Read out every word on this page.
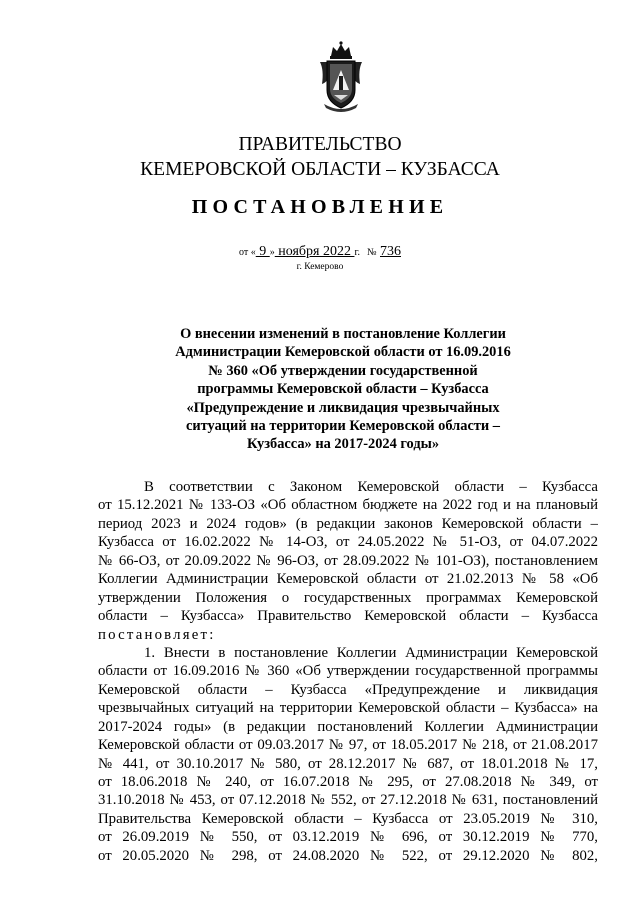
ПРАВИТЕЛЬСТВО
КЕМЕРОВСКОЙ ОБЛАСТИ – КУЗБАССА
ПОСТАНОВЛЕНИЕ
от « 9 » ноября 2022 г. № 736
г. Кемерово
О внесении изменений в постановление Коллегии
Администрации Кемеровской области от 16.09.2016
№ 360 «Об утверждении государственной
программы Кемеровской области – Кузбасса
«Предупреждение и ликвидация чрезвычайных
ситуаций на территории Кемеровской области –
Кузбасса» на 2017-2024 годы»
В соответствии с Законом Кемеровской области – Кузбасса
от 15.12.2021 № 133-ОЗ «Об областном бюджете на 2022 год и на плановый
период 2023 и 2024 годов» (в редакции законов Кемеровской области –
Кузбасса от 16.02.2022 № 14-ОЗ, от 24.05.2022 № 51-ОЗ, от 04.07.2022
№ 66-ОЗ, от 20.09.2022 № 96-ОЗ, от 28.09.2022 № 101-ОЗ), постановлением
Коллегии Администрации Кемеровской области от 21.02.2013 № 58 «Об
утверждении Положения о государственных программах Кемеровской
области – Кузбасса» Правительство Кемеровской области – Кузбасса
постановляет:
1. Внести в постановление Коллегии Администрации Кемеровской
области от 16.09.2016 № 360 «Об утверждении государственной программы
Кемеровской области – Кузбасса «Предупреждение и ликвидация
чрезвычайных ситуаций на территории Кемеровской области – Кузбасса» на
2017-2024 годы» (в редакции постановлений Коллегии Администрации
Кемеровской области от 09.03.2017 № 97, от 18.05.2017 № 218, от 21.08.2017
№ 441, от 30.10.2017 № 580, от 28.12.2017 № 687, от 18.01.2018 № 17,
от 18.06.2018 № 240, от 16.07.2018 № 295, от 27.08.2018 № 349, от
31.10.2018 № 453, от 07.12.2018 № 552, от 27.12.2018 № 631, постановлений
Правительства Кемеровской области – Кузбасса от 23.05.2019 № 310,
от 26.09.2019 № 550, от 03.12.2019 № 696, от 30.12.2019 № 770,
от 20.05.2020 № 298, от 24.08.2020 № 522, от 29.12.2020 № 802,
